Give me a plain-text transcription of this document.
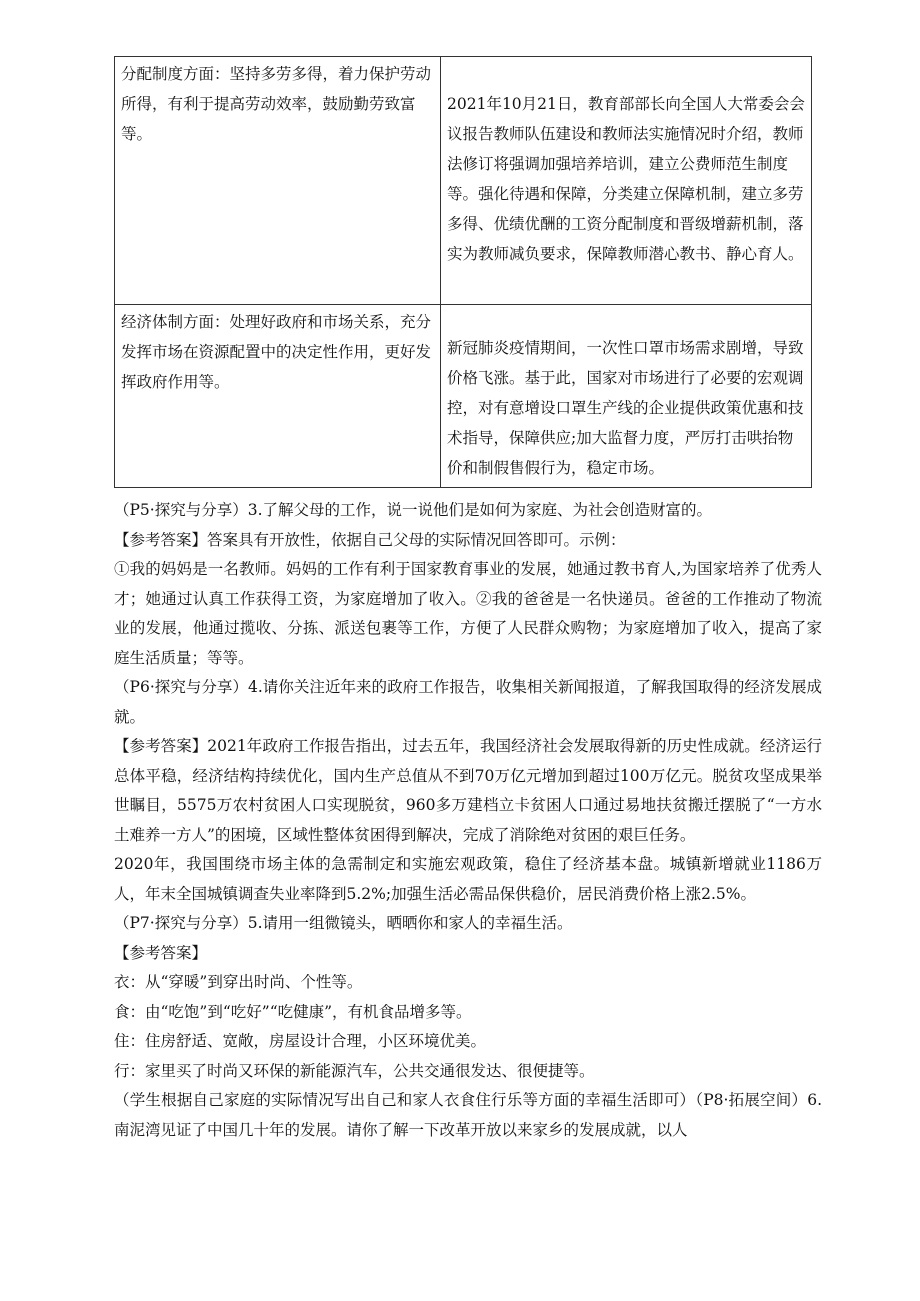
分配制度方面：坚持多劳多得，着力保护劳动所得，有利于提高劳动效率，鼓励勤劳致富等。	2021年10月21日，教育部部长向全国人大常委会会议报告教师队伍建设和教师法实施情况时介绍，教师法修订将强调加强培养培训，建立公费师范生制度等。强化待遇和保障，分类建立保障机制，建立多劳多得、优绩优酬的工资分配制度和晋级增薪机制，落实为教师减负要求，保障教师潜心教书、静心育人。

经济体制方面：处理好政府和市场关系，充分发挥市场在资源配置中的决定性作用，更好发挥政府作用等。	新冠肺炎疫情期间，一次性口罩市场需求剧增，导致价格飞涨。基于此，国家对市场进行了必要的宏观调控，对有意增设口罩生产线的企业提供政策优惠和技术指导，保障供应;加大监督力度，严厉打击哄抬物价和制假售假行为，稳定市场。

（P5·探究与分享）3.了解父母的工作，说一说他们是如何为家庭、为社会创造财富的。

【参考答案】答案具有开放性，依据自己父母的实际情况回答即可。示例：

①我的妈妈是一名教师。妈妈的工作有利于国家教育事业的发展，她通过教书育人,为国家培养了优秀人才；她通过认真工作获得工资，为家庭增加了收入。②我的爸爸是一名快递员。爸爸的工作推动了物流业的发展，他通过揽收、分拣、派送包裹等工作，方便了人民群众购物；为家庭增加了收入，提高了家庭生活质量；等等。

（P6·探究与分享）4.请你关注近年来的政府工作报告，收集相关新闻报道，了解我国取得的经济发展成就。

【参考答案】2021年政府工作报告指出，过去五年，我国经济社会发展取得新的历史性成就。经济运行总体平稳，经济结构持续优化，国内生产总值从不到70万亿元增加到超过100万亿元。脱贫攻坚成果举世瞩目，5575万农村贫困人口实现脱贫，960多万建档立卡贫困人口通过易地扶贫搬迁摆脱了“一方水土难养一方人”的困境，区域性整体贫困得到解决，完成了消除绝对贫困的艰巨任务。

2020年，我国围绕市场主体的急需制定和实施宏观政策，稳住了经济基本盘。城镇新增就业1186万人，年末全国城镇调查失业率降到5.2%;加强生活必需品保供稳价，居民消费价格上涨2.5%。

（P7·探究与分享）5.请用一组微镜头，晒晒你和家人的幸福生活。

【参考答案】

衣：从“穿暖”到穿出时尚、个性等。

食：由“吃饱”到“吃好”“吃健康”，有机食品增多等。

住：住房舒适、宽敞，房屋设计合理，小区环境优美。

行：家里买了时尚又环保的新能源汽车，公共交通很发达、很便捷等。

（学生根据自己家庭的实际情况写出自己和家人衣食住行乐等方面的幸福生活即可）（P8·拓展空间）6.南泥湾见证了中国几十年的发展。请你了解一下改革开放以来家乡的发展成就，以人
